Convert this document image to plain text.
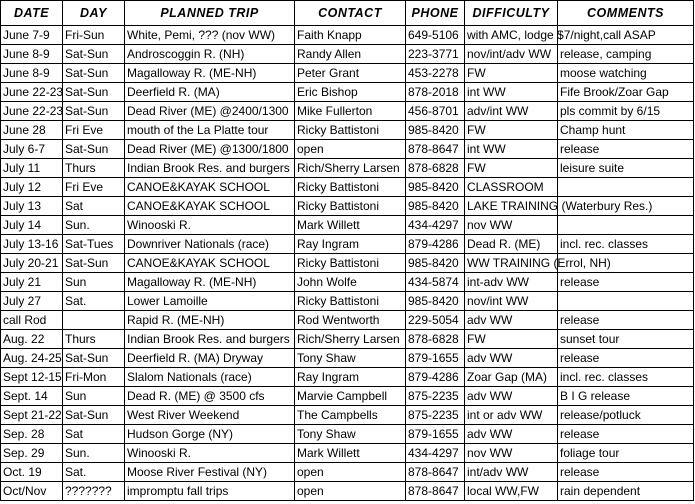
DATE	DAY	PLANNED TRIP	CONTACT	PHONE	DIFFICULTY	COMMENTS
June 7-9	Fri-Sun	White, Pemi, ??? (nov WW)	Faith Knapp	649-5106	with AMC, lodge $7/night,call ASAP	
June 8-9	Sat-Sun	Androscoggin R. (NH)	Randy Allen	223-3771	nov/int/adv WW	release, camping
June 8-9	Sat-Sun	Magalloway R. (ME-NH)	Peter Grant	453-2278	FW	moose watching
June 22-23	Sat-Sun	Deerfield R. (MA)	Eric Bishop	878-2018	int WW	Fife Brook/Zoar Gap
June 22-23	Sat-Sun	Dead River (ME) @2400/1300	Mike Fullerton	456-8701	adv/int WW	pls commit by 6/15
June 28	Fri Eve	mouth of the La Platte tour	Ricky Battistoni	985-8420	FW	Champ hunt
July 6-7	Sat-Sun	Dead River (ME) @1300/1800	open	878-8647	int WW	release
July 11	Thurs	Indian Brook Res. and burgers	Rich/Sherry Larsen	878-6828	FW	leisure suite
July 12	Fri Eve	CANOE&KAYAK SCHOOL	Ricky Battistoni	985-8420	CLASSROOM	
July 13	Sat	CANOE&KAYAK SCHOOL	Ricky Battistoni	985-8420	LAKE TRAINING (Waterbury Res.)	
July 14	Sun.	Winooski R.	Mark Willett	434-4297	nov WW	
July 13-16	Sat-Tues	Downriver Nationals (race)	Ray Ingram	879-4286	Dead R. (ME)	incl. rec. classes
July 20-21	Sat-Sun	CANOE&KAYAK SCHOOL	Ricky Battistoni	985-8420	WW TRAINING (Errol, NH)	
July 21	Sun	Magalloway R. (ME-NH)	John Wolfe	434-5874	int-adv WW	release
July 27	Sat.	Lower Lamoille	Ricky Battistoni	985-8420	nov/int WW	
call Rod		Rapid R. (ME-NH)	Rod Wentworth	229-5054	adv WW	release
Aug. 22	Thurs	Indian Brook Res. and burgers	Rich/Sherry Larsen	878-6828	FW	sunset tour
Aug. 24-25	Sat-Sun	Deerfield R. (MA) Dryway	Tony Shaw	879-1655	adv WW	release
Sept 12-15	Fri-Mon	Slalom Nationals (race)	Ray Ingram	879-4286	Zoar Gap (MA)	incl. rec. classes
Sept. 14	Sun	Dead R. (ME) @ 3500 cfs	Marvie Campbell	875-2235	adv WW	B I G release
Sept 21-22	Sat-Sun	West River Weekend	The Campbells	875-2235	int or adv WW	release/potluck
Sep. 28	Sat	Hudson Gorge (NY)	Tony Shaw	879-1655	adv WW	release
Sep. 29	Sun.	Winooski R.	Mark Willett	434-4297	nov WW	foliage tour
Oct. 19	Sat.	Moose River Festival (NY)	open	878-8647	int/adv WW	release
Oct/Nov	???????	impromptu fall trips	open	878-8647	local WW,FW	rain dependent
